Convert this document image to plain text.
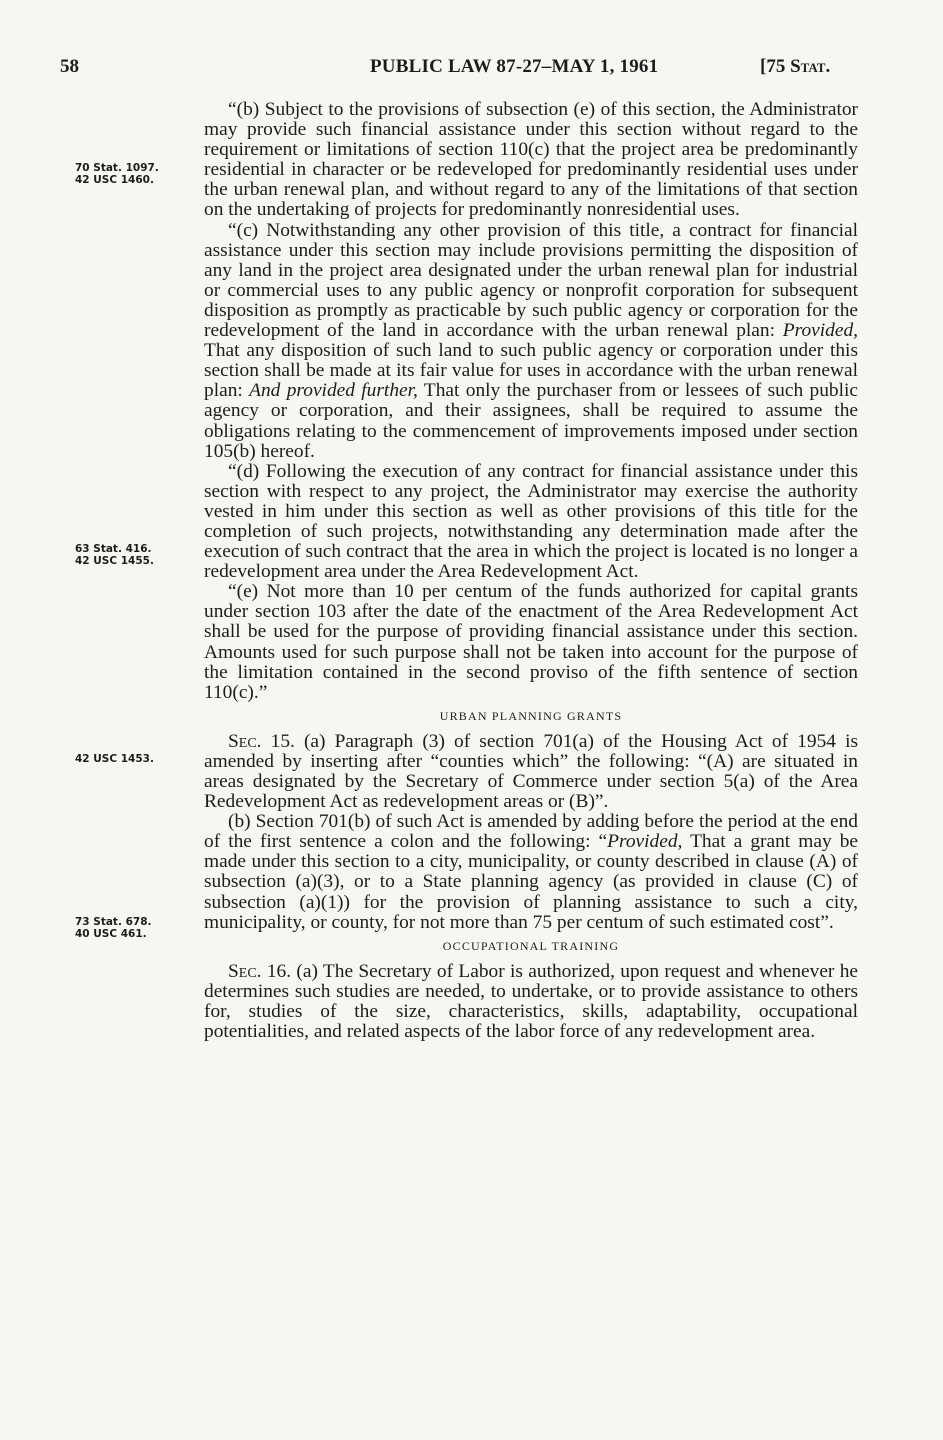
58	PUBLIC LAW 87-27–MAY 1, 1961	[75 Stat.
70 Stat. 1097.
42 USC 1460.
63 Stat. 416.
42 USC 1455.
42 USC 1453.
73 Stat. 678.
40 USC 461.

“(b) Subject to the provisions of subsection (e) of this section, the Administrator may provide such financial assistance under this section without regard to the requirement or limitations of section 110(c) that the project area be predominantly residential in character or be redeveloped for predominantly residential uses under the urban renewal plan, and without regard to any of the limitations of that section on the undertaking of projects for predominantly nonresidential uses.

“(c) Notwithstanding any other provision of this title, a contract for financial assistance under this section may include provisions permitting the disposition of any land in the project area designated under the urban renewal plan for industrial or commercial uses to any public agency or nonprofit corporation for subsequent disposition as promptly as practicable by such public agency or corporation for the redevelopment of the land in accordance with the urban renewal plan: Provided, That any disposition of such land to such public agency or corporation under this section shall be made at its fair value for uses in accordance with the urban renewal plan: And provided further, That only the purchaser from or lessees of such public agency or corporation, and their assignees, shall be required to assume the obligations relating to the commencement of improvements imposed under section 105(b) hereof.

“(d) Following the execution of any contract for financial assistance under this section with respect to any project, the Administrator may exercise the authority vested in him under this section as well as other provisions of this title for the completion of such projects, notwithstanding any determination made after the execution of such contract that the area in which the project is located is no longer a redevelopment area under the Area Redevelopment Act.

“(e) Not more than 10 per centum of the funds authorized for capital grants under section 103 after the date of the enactment of the Area Redevelopment Act shall be used for the purpose of providing financial assistance under this section. Amounts used for such purpose shall not be taken into account for the purpose of the limitation contained in the second proviso of the fifth sentence of section 110(c).”

URBAN PLANNING GRANTS

Sec. 15. (a) Paragraph (3) of section 701(a) of the Housing Act of 1954 is amended by inserting after “counties which” the following: “(A) are situated in areas designated by the Secretary of Commerce under section 5(a) of the Area Redevelopment Act as redevelopment areas or (B)”.

(b) Section 701(b) of such Act is amended by adding before the period at the end of the first sentence a colon and the following: “Provided, That a grant may be made under this section to a city, municipality, or county described in clause (A) of subsection (a)(3), or to a State planning agency (as provided in clause (C) of subsection (a)(1)) for the provision of planning assistance to such a city, municipality, or county, for not more than 75 per centum of such estimated cost”.

OCCUPATIONAL TRAINING

Sec. 16. (a) The Secretary of Labor is authorized, upon request and whenever he determines such studies are needed, to undertake, or to provide assistance to others for, studies of the size, characteristics, skills, adaptability, occupational potentialities, and related aspects of the labor force of any redevelopment area.
